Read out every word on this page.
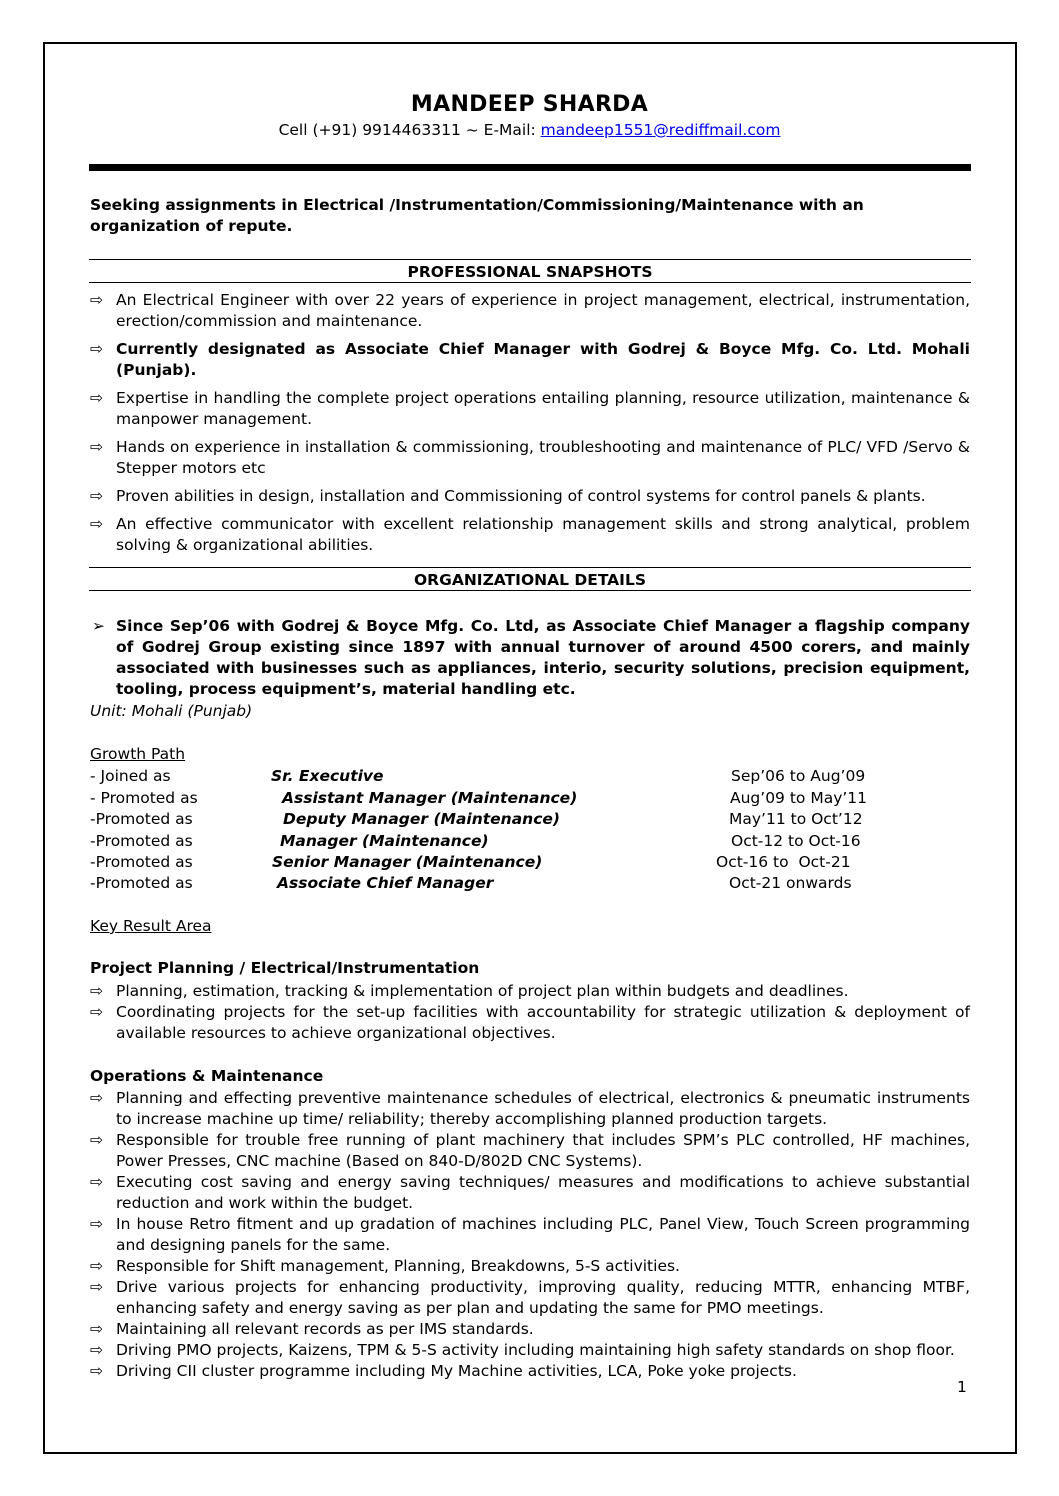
MANDEEP SHARDA
Cell (+91) 9914463311 ~ E-Mail: mandeep1551@rediffmail.com
Seeking assignments in Electrical /Instrumentation/Commissioning/Maintenance with an organization of repute.
PROFESSIONAL SNAPSHOTS
⇨ An Electrical Engineer with over 22 years of experience in project management, electrical, instrumentation, erection/commission and maintenance.
⇨ Currently designated as Associate Chief Manager with Godrej & Boyce Mfg. Co. Ltd. Mohali (Punjab).
⇨ Expertise in handling the complete project operations entailing planning, resource utilization, maintenance & manpower management.
⇨ Hands on experience in installation & commissioning, troubleshooting and maintenance of PLC/ VFD /Servo & Stepper motors etc
⇨ Proven abilities in design, installation and Commissioning of control systems for control panels & plants.
⇨ An effective communicator with excellent relationship management skills and strong analytical, problem solving & organizational abilities.
ORGANIZATIONAL DETAILS
➢ Since Sep’06 with Godrej & Boyce Mfg. Co. Ltd, as Associate Chief Manager a flagship company of Godrej Group existing since 1897 with annual turnover of around 4500 corers, and mainly associated with businesses such as appliances, interio, security solutions, precision equipment, tooling, process equipment’s, material handling etc.
Unit: Mohali (Punjab)
Growth Path
- Joined as	Sr. Executive	Sep’06 to Aug’09
- Promoted as	Assistant Manager (Maintenance)	Aug’09 to May’11
-Promoted as	Deputy Manager (Maintenance)	May’11 to Oct’12
-Promoted as	Manager (Maintenance)	Oct-12 to Oct-16
-Promoted as	Senior Manager (Maintenance)	Oct-16 to  Oct-21
-Promoted as	Associate Chief Manager	Oct-21 onwards
Key Result Area
Project Planning / Electrical/Instrumentation
⇨ Planning, estimation, tracking & implementation of project plan within budgets and deadlines.
⇨ Coordinating projects for the set-up facilities with accountability for strategic utilization & deployment of available resources to achieve organizational objectives.
Operations & Maintenance
⇨ Planning and effecting preventive maintenance schedules of electrical, electronics & pneumatic instruments to increase machine up time/ reliability; thereby accomplishing planned production targets.
⇨ Responsible for trouble free running of plant machinery that includes SPM’s PLC controlled, HF machines, Power Presses, CNC machine (Based on 840-D/802D CNC Systems).
⇨ Executing cost saving and energy saving techniques/ measures and modifications to achieve substantial reduction and work within the budget.
⇨ In house Retro fitment and up gradation of machines including PLC, Panel View, Touch Screen programming and designing panels for the same.
⇨ Responsible for Shift management, Planning, Breakdowns, 5-S activities.
⇨ Drive various projects for enhancing productivity, improving quality, reducing MTTR, enhancing MTBF, enhancing safety and energy saving as per plan and updating the same for PMO meetings.
⇨ Maintaining all relevant records as per IMS standards.
⇨ Driving PMO projects, Kaizens, TPM & 5-S activity including maintaining high safety standards on shop floor.
⇨ Driving CII cluster programme including My Machine activities, LCA, Poke yoke projects.
1
